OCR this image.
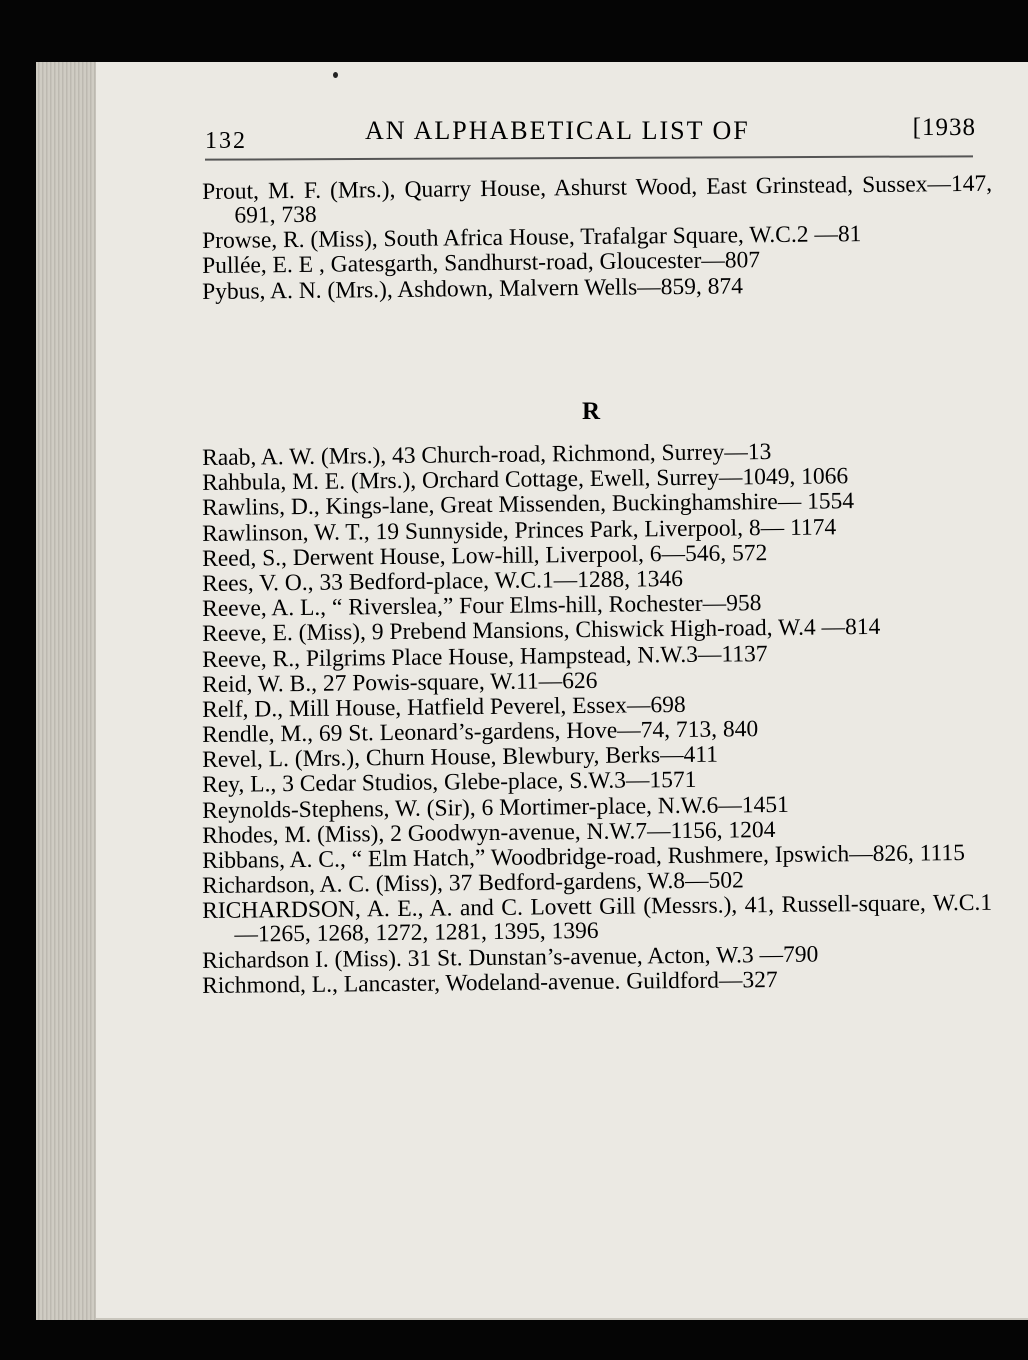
132	AN ALPHABETICAL LIST OF	[1938

Prout, M. F. (Mrs.), Quarry House, Ashurst Wood, East Grinstead, Sussex—147, 691, 738

Prowse, R. (Miss), South Africa House, Trafalgar Square, W.C.2 —81

Pullée, E. E , Gatesgarth, Sandhurst-road, Gloucester—807

Pybus, A. N. (Mrs.), Ashdown, Malvern Wells—859, 874

R

Raab, A. W. (Mrs.), 43 Church-road, Richmond, Surrey—13

Rahbula, M. E. (Mrs.), Orchard Cottage, Ewell, Surrey—1049, 1066

Rawlins, D., Kings-lane, Great Missenden, Buckinghamshire— 1554

Rawlinson, W. T., 19 Sunnyside, Princes Park, Liverpool, 8— 1174

Reed, S., Derwent House, Low-hill, Liverpool, 6—546, 572

Rees, V. O., 33 Bedford-place, W.C.1—1288, 1346

Reeve, A. L., “ Riverslea,” Four Elms-hill, Rochester—958

Reeve, E. (Miss), 9 Prebend Mansions, Chiswick High-road, W.4 —814

Reeve, R., Pilgrims Place House, Hampstead, N.W.3—1137

Reid, W. B., 27 Powis-square, W.11—626

Relf, D., Mill House, Hatfield Peverel, Essex—698

Rendle, M., 69 St. Leonard’s-gardens, Hove—74, 713, 840

Revel, L. (Mrs.), Churn House, Blewbury, Berks—411

Rey, L., 3 Cedar Studios, Glebe-place, S.W.3—1571

Reynolds-Stephens, W. (Sir), 6 Mortimer-place, N.W.6—1451

Rhodes, M. (Miss), 2 Goodwyn-avenue, N.W.7—1156, 1204

Ribbans, A. C., “ Elm Hatch,” Woodbridge-road, Rushmere, Ipswich—826, 1115

Richardson, A. C. (Miss), 37 Bedford-gardens, W.8—502

RICHARDSON, A. E., A. and C. Lovett Gill (Messrs.), 41, Russell-square, W.C.1—1265, 1268, 1272, 1281, 1395, 1396

Richardson I. (Miss). 31 St. Dunstan’s-avenue, Acton, W.3 —790

Richmond, L., Lancaster, Wodeland-avenue. Guildford—327
